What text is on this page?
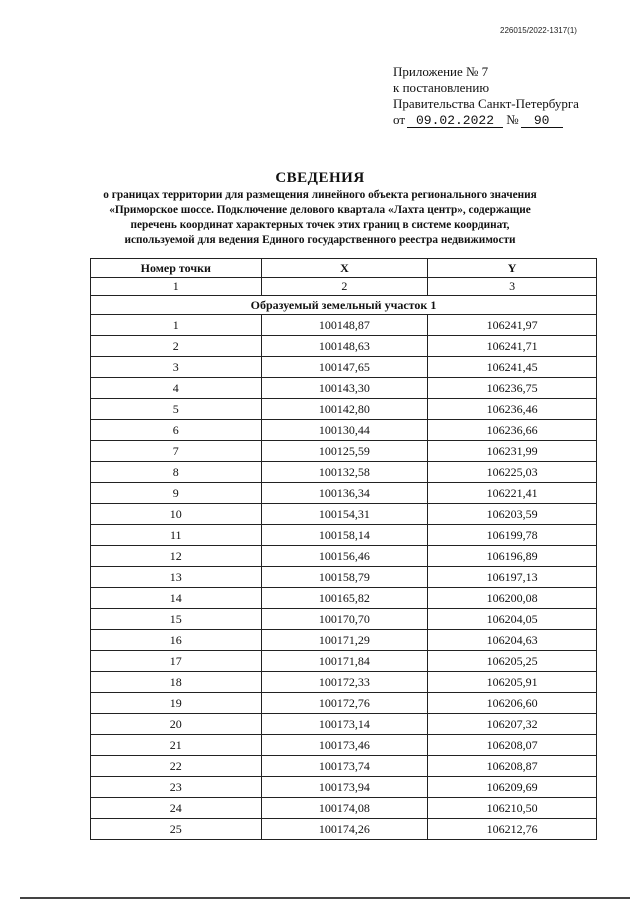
226015/2022-1317(1)
Приложение № 7
к постановлению
Правительства Санкт-Петербурга
от 09.02.2022 № 90
СВЕДЕНИЯ
о границах территории для размещения линейного объекта регионального значения
«Приморское шоссе. Подключение делового квартала «Лахта центр», содержащие
перечень координат характерных точек этих границ в системе координат,
используемой для ведения Единого государственного реестра недвижимости
Номер точки	X	Y
1	2	3
Образуемый земельный участок 1		
1	100148,87	106241,97
2	100148,63	106241,71
3	100147,65	106241,45
4	100143,30	106236,75
5	100142,80	106236,46
6	100130,44	106236,66
7	100125,59	106231,99
8	100132,58	106225,03
9	100136,34	106221,41
10	100154,31	106203,59
11	100158,14	106199,78
12	100156,46	106196,89
13	100158,79	106197,13
14	100165,82	106200,08
15	100170,70	106204,05
16	100171,29	106204,63
17	100171,84	106205,25
18	100172,33	106205,91
19	100172,76	106206,60
20	100173,14	106207,32
21	100173,46	106208,07
22	100173,74	106208,87
23	100173,94	106209,69
24	100174,08	106210,50
25	100174,26	106212,76
